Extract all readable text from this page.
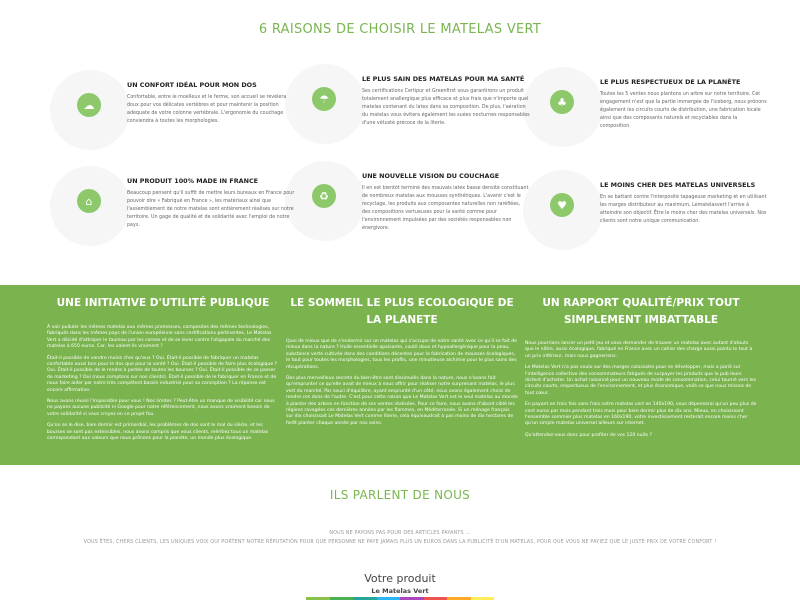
6 RAISONS DE CHOISIR LE MATELAS VERT
☁
UN CONFORT IDÉAL POUR MON DOS
Confortable, entre le moelleux et le ferme, son accueil se révèlera doux pour vos délicates vertèbres et pour maintenir la position adéquate de votre colonne vertébrale. L'ergonomie du couchage conviendra à toutes les morphologies.
☂
LE PLUS SAIN DES MATELAS POUR MA SANTÉ
Ses certifications Certipur et Greenfirst vous garantirons un produit totalement anallergique plus efficace et plus frais que n'importe quel matelas contenant du latex dans sa composition. De plus, l'aération du matelas vous évitera également les suées nocturnes responsables d'une vétusté précoce de la literie.
♣
LE PLUS RESPECTUEUX DE LA PLANÈTE
Toutes les 5 ventes nous plantons un arbre sur notre territoire. Cet engagement n'est que la partie immergée de l'iceberg, nous prônons également les circuits courts de distribution, une fabrication locale ainsi que des composants naturels et recyclables dans la composition.
⌂
UN PRODUIT 100% MADE IN FRANCE
Beaucoup pensent qu'il suffit de mettre leurs bureaux en France pour pouvoir dire « Fabriqué en France », les matériaux ainsi que l'assemblement de notre matelas sont entièrement réalisés sur notre territoire. Un gage de qualité et de solidarité avec l'emploi de notre pays.
♻
UNE NOUVELLE VISION DU COUCHAGE
Il en est bientôt terminé des mauvais latex basse densité constituant de nombreux matelas aux mousses synthétiques. L'avenir c'est le recyclage, les produits aux composantes naturelles non raréfiées, des compositions vertueuses pour la santé comme pour l'environnement impulsées par des sociétés responsables non énergivore.
♥
LE MOINS CHER DES MATELAS UNIVERSELS
En se battant contre l'interposité tapageuse marketing et en utilisant les marges distributeur au maximum, Lematelasvert l'arrive à atteindre son objectif. Être le moins cher des matelas universels. Nos clients sont notre unique communication.
UNE INITIATIVE D'UTILITÉ PUBLIQUE

À voir pulluler les mêmes matelas aux mêmes promesses, composées des mêmes technologies, fabriqués dans les mêmes pays de l'union européenne sans certifications pertinentes, Le Matelas Vert a décidé d'attraper le taureau par les cornes et de se lever contre l'oligopole du marché des matelas à 650 euros. Car, les valent-ils vraiment ?

Était-il possible de vendre moins cher qu'eux ? Oui. Était-il possible de fabriquer un matelas confortable aussi bon pour le dos que pour la santé ? Oui. Était-il possible de faire plus écologique ? Oui. Était-il possible de le rendre à portée de toutes les bourses ? Oui. Était-il possible de se passer de marketing ? Oui (nous comptons sur nos clients). Était-il possible de le fabriquer en France et de nous faire aider par notre très compétent bassin industriel pour sa conception ? La réponse est encore affirmative.

Nous avons réussi l'impossible pour vous ! Nos limites ? Peut-être un manque de visibilité car nous ne payons aucune publicité ni Google pour notre référencement, nous avons vraiment besoin de votre solidarité si vous croyez en ce projet fou.

Qu'on se le dise, bien dormir est primordial, les problèmes de dos sont le mal du siècle, et les bourses se sont pas extensibles, nous avons compris que vous clients, méritiez tous un matelas correspondant aux valeurs que nous prônons pour la planète, un monde plus écologique.

LE SOMMEIL LE PLUS ECOLOGIQUE DE LA PLANETE

Quoi de mieux que de s'endormir sur un matelas qui s'occupe de notre santé avec ce qu'il se fait de mieux dans la nature ? Huile essentielle apaisante, coutil doux et hypoallergénique pour la peau, substance verte cultivée dans des conditions décentes pour la fabrication de mousses écologiques, le tout pour toutes les morphologies, tous les profils, une minutieuse alchimie pour le plus sains des récupérations.

Des plus merveilleux secrets du bien-être sont dissimulés dans la nature, nous n'avons fait qu'emprunter ce qu'elle avait de mieux à nous offrir pour réaliser notre surprenant matelas, le plus vert du marché. Par souci d'équilibre, ayant emprunté d'un côté, nous avons également choisi de rendre ces dons de l'autre. C'est pour cette raison que Le Matelas Vert est le seul matelas au monde à planter des arbres en fonction de ses ventes réalisées. Pour ce faire, nous avons d'abord ciblé les régions ravagées ces dernières années par les flammes, en Méditerranée. Si un ménage français sur dix choisissait Le Matelas Vert comme literie, cela équivaudrait à pas moins de dix hectares de forêt planter chaque année par nos soins.

UN RAPPORT QUALITÉ/PRIX TOUT SIMPLEMENT IMBATTABLE

Nous pourrions lancer un petit jeu et vous demander de trouver un matelas avec autant d'atouts que le nôtre, aussi écologique, fabriqué en France avec un cahier des charge aussi pointu le tout à un prix inférieur, mais nous gagnerions.

Le Matelas Vert n'a pas voulu sur des marges colossales pour se développer, mais a parié sur l'intelligence collective des consommateurs fatigués de surpayer les produits que la pub leurs dictent d'acheter. Un achat raisonné pour un nouveau mode de consommation, celui tourné vers les circuits courts, respectueux de l'environnement, et plus économique, voilà ce que nous misons de tout cœur.

En payant en trois fois sans frais notre matelas vert en 140x190, vous dépenserai qu'un peu plus de cent euros par mois pendant trois mois pour bien dormir plus de dix ans. Mieux, en choisissant l'ensemble sommier plus matelas en 160x190, votre investissement resterait encore moins cher qu'un simple matelas universel ailleurs sur internet.

Qu'attendez-vous donc pour profiter de vos 120 nuits ?

ILS PARLENT DE NOUS
NOUS NE PAYONS PAS POUR DES ARTICLES PAYANTS ...
VOUS ÊTES, CHERS CLIENTS, LES UNIQUES VOIX QUI PORTENT NOTRE RÉPUTATION POUR QUE PERSONNE NE PAYE JAMAIS PLUS UN EUROS DANS LA PUBLICITÉ D'UN MATELAS, POUR QUE VOUS NE PAYIEZ QUE LE JUSTE PRIX DE VOTRE CONFORT !
Votre produit
Le Matelas Vert
